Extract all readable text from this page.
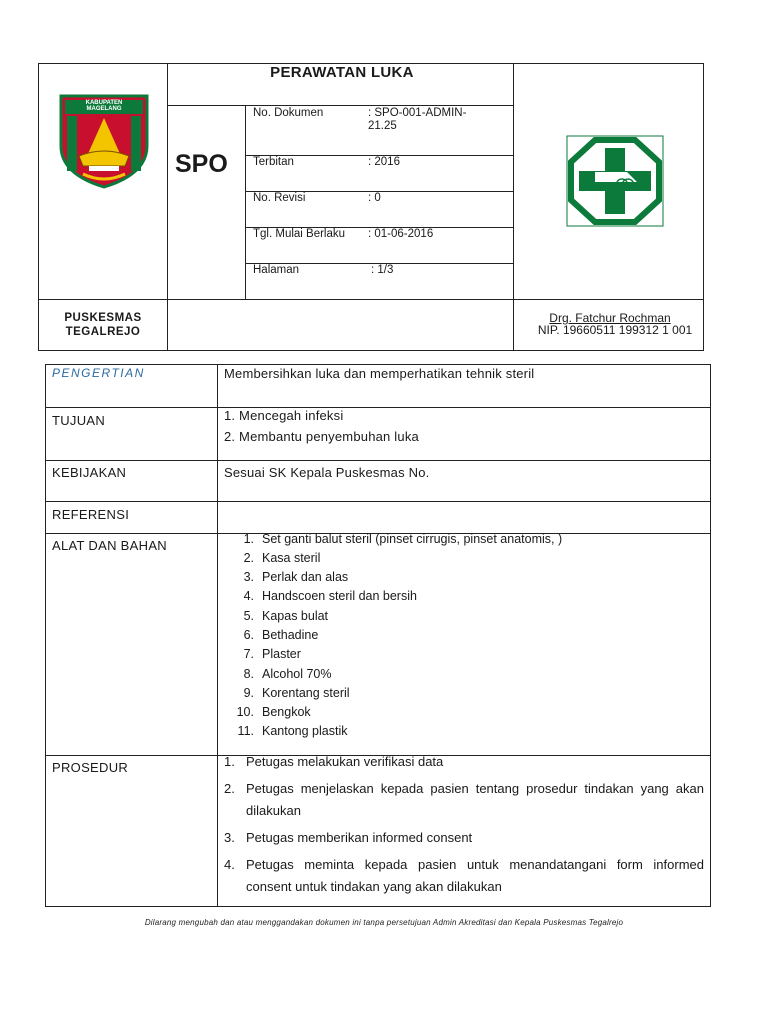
KABUPATEN MAGELANG
PERAWATAN LUKA
SPO
No. Dokumen	: SPO-001-ADMIN-21.25
Terbitan	: 2016
No. Revisi	: 0
Tgl. Mulai Berlaku : 01-06-2016
Halaman	: 1/3
PUSKESMAS
TEGALREJO
Drg. Fatchur Rochman
NIP. 19660511 199312 1 001
PENGERTIAN	Membersihkan luka dan memperhatikan tehnik steril
TUJUAN	1. Mencegah infeksi
2. Membantu penyembuhan luka
KEBIJAKAN	Sesuai SK Kepala Puskesmas No.
REFERENSI
ALAT DAN BAHAN	1. Set ganti balut steril (pinset cirrugis, pinset anatomis, )
2. Kasa steril
3. Perlak dan alas
4. Handscoen steril dan bersih
5. Kapas bulat
6. Bethadine
7. Plaster
8. Alcohol 70%
9. Korentang steril
10. Bengkok
11. Kantong plastik
PROSEDUR	1. Petugas melakukan verifikasi data
2. Petugas menjelaskan kepada pasien tentang prosedur tindakan yang akan dilakukan
3. Petugas memberikan informed consent
4. Petugas meminta kepada pasien untuk menandatangani form informed consent untuk tindakan yang akan dilakukan
Dilarang mengubah dan atau menggandakan dokumen ini tanpa persetujuan Admin Akreditasi dan Kepala Puskesmas Tegalrejo
